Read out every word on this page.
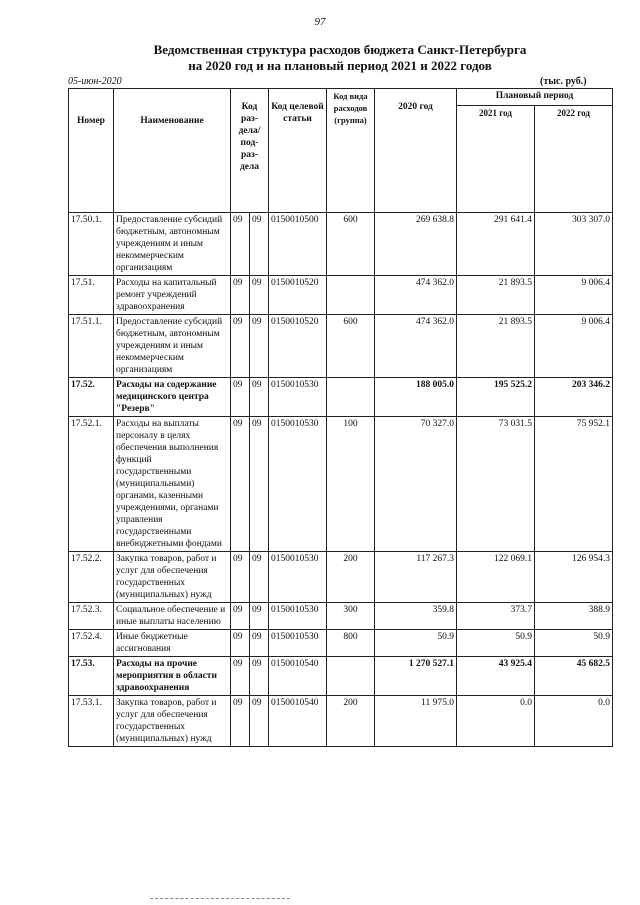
97
Ведомственная структура расходов бюджета Санкт-Петербурга
на 2020 год и на плановый период 2021 и 2022 годов
05-июн-2020	(тыс. руб.)
Номер	Наименование	Код раз-дела/ под-раз-дела		Код целевой статьи	Код вида расходов (группа)	2020 год	Плановый период	
							2021 год	2022 год
17.50.1.	Предоставление субсидий бюджетным, автономным учреждениям и иным некоммерческим организациям	09	09	0150010500	600	269 638.8	291 641.4	303 307.0
17.51.	Расходы на капитальный ремонт учреждений здравоохранения	09	09	0150010520		474 362.0	21 893.5	9 006.4
17.51.1.	Предоставление субсидий бюджетным, автономным учреждениям и иным некоммерческим организациям	09	09	0150010520	600	474 362.0	21 893.5	9 006.4
17.52.	Расходы на содержание медицинского центра "Резерв"	09	09	0150010530		188 005.0	195 525.2	203 346.2
17.52.1.	Расходы на выплаты персоналу в целях обеспечения выполнения функций государственными (муниципальными) органами, казенными учреждениями, органами управления государственными внебюджетными фондами	09	09	0150010530	100	70 327.0	73 031.5	75 952.1
17.52.2.	Закупка товаров, работ и услуг для обеспечения государственных (муниципальных) нужд	09	09	0150010530	200	117 267.3	122 069.1	126 954.3
17.52.3.	Социальное обеспечение и иные выплаты населению	09	09	0150010530	300	359.8	373.7	388.9
17.52.4.	Иные бюджетные ассигнования	09	09	0150010530	800	50.9	50.9	50.9
17.53.	Расходы на прочие мероприятия в области здравоохранения	09	09	0150010540		1 270 527.1	43 925.4	45 682.5
17.53.1.	Закупка товаров, работ и услуг для обеспечения государственных (муниципальных) нужд	09	09	0150010540	200	11 975.0	0.0	0.0
